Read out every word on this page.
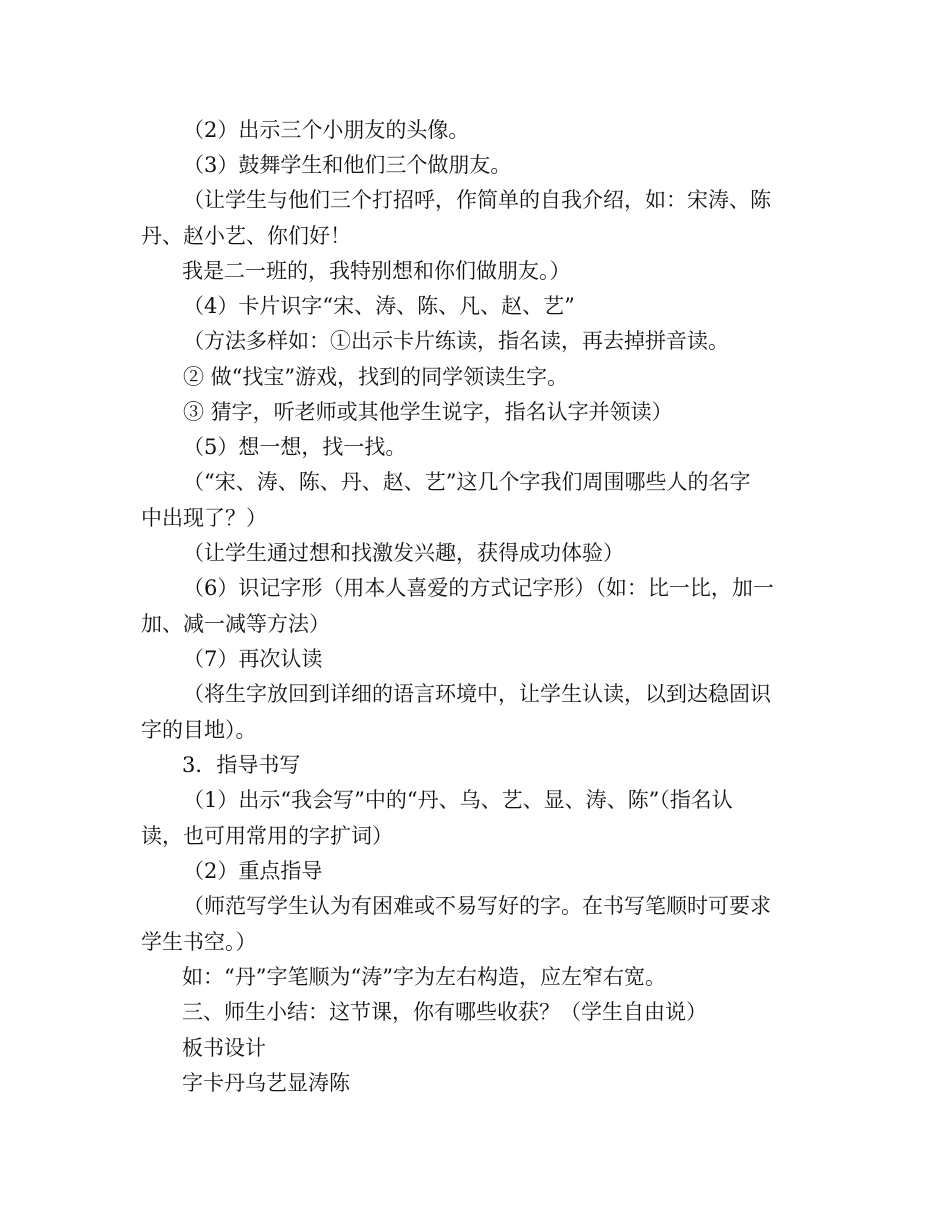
（2）出示三个小朋友的头像。
（3）鼓舞学生和他们三个做朋友。
（让学生与他们三个打招呼，作简单的自我介绍，如：宋涛、陈
丹、赵小艺、你们好！
我是二一班的，我特别想和你们做朋友。）
（4）卡片识字“宋、涛、陈、凡、赵、艺”
（方法多样如：①出示卡片练读，指名读，再去掉拼音读。
② 做“找宝”游戏，找到的同学领读生字。
③ 猜字，听老师或其他学生说字，指名认字并领读）
（5）想一想，找一找。
（“宋、涛、陈、丹、赵、艺”这几个字我们周围哪些人的名字
中出现了？）
（让学生通过想和找激发兴趣，获得成功体验）
（6）识记字形（用本人喜爱的方式记字形）（如：比一比，加一
加、减一减等方法）
（7）再次认读
（将生字放回到详细的语言环境中，让学生认读，以到达稳固识
字的目地）。
3．指导书写
（1）出示“我会写”中的“丹、乌、艺、显、涛、陈”（指名认
读，也可用常用的字扩词）
（2）重点指导
（师范写学生认为有困难或不易写好的字。在书写笔顺时可要求
学生书空。）
如：“丹”字笔顺为“涛”字为左右构造，应左窄右宽。
三、师生小结：这节课，你有哪些收获？（学生自由说）
板书设计
字卡丹乌艺显涛陈
